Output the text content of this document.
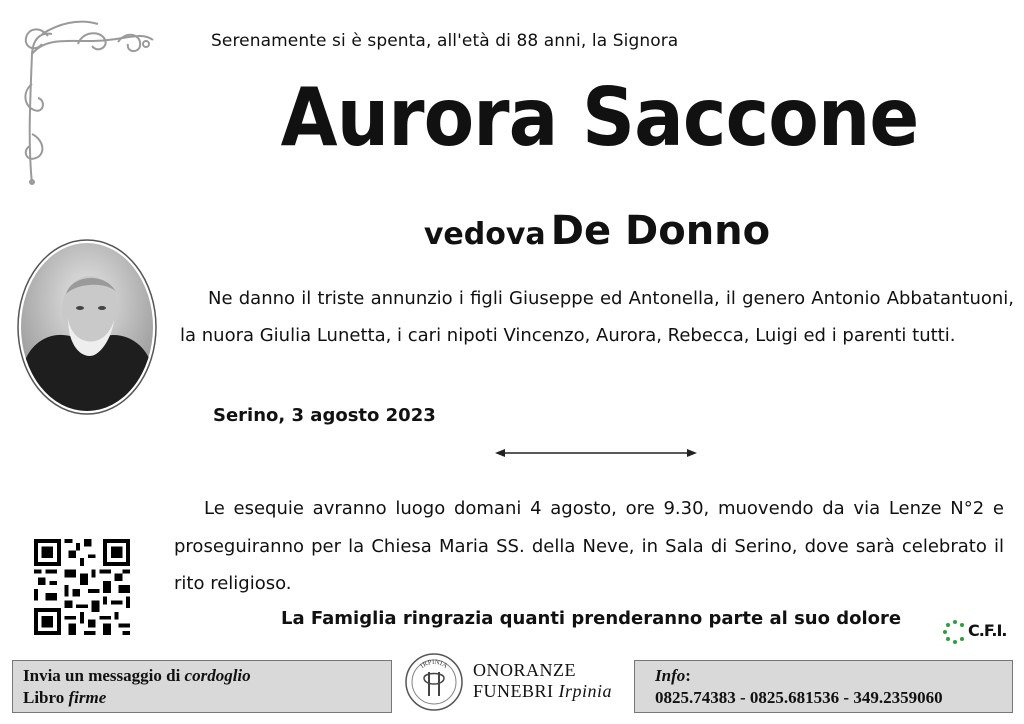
Serenamente si è spenta, all'età di 88 anni, la Signora
Aurora Saccone
vedova De Donno
Ne danno il triste annunzio i figli Giuseppe ed Antonella, il genero Antonio Abbatantuoni, la nuora Giulia Lunetta, i cari nipoti Vincenzo, Aurora, Rebecca, Luigi ed i parenti tutti.
Serino, 3 agosto 2023
Le esequie avranno luogo domani 4 agosto, ore 9.30, muovendo da via Lenze N°2 e proseguiranno per la Chiesa Maria SS. della Neve, in Sala di Serino, dove sarà celebrato il rito religioso.
La Famiglia ringrazia quanti prenderanno parte al suo dolore
C.F.I.
Invia un messaggio di cordoglio
Libro firme
IRPINIA ONORANZE
FUNEBRI Irpinia
Info:
0825.74383 - 0825.681536 - 349.2359060
